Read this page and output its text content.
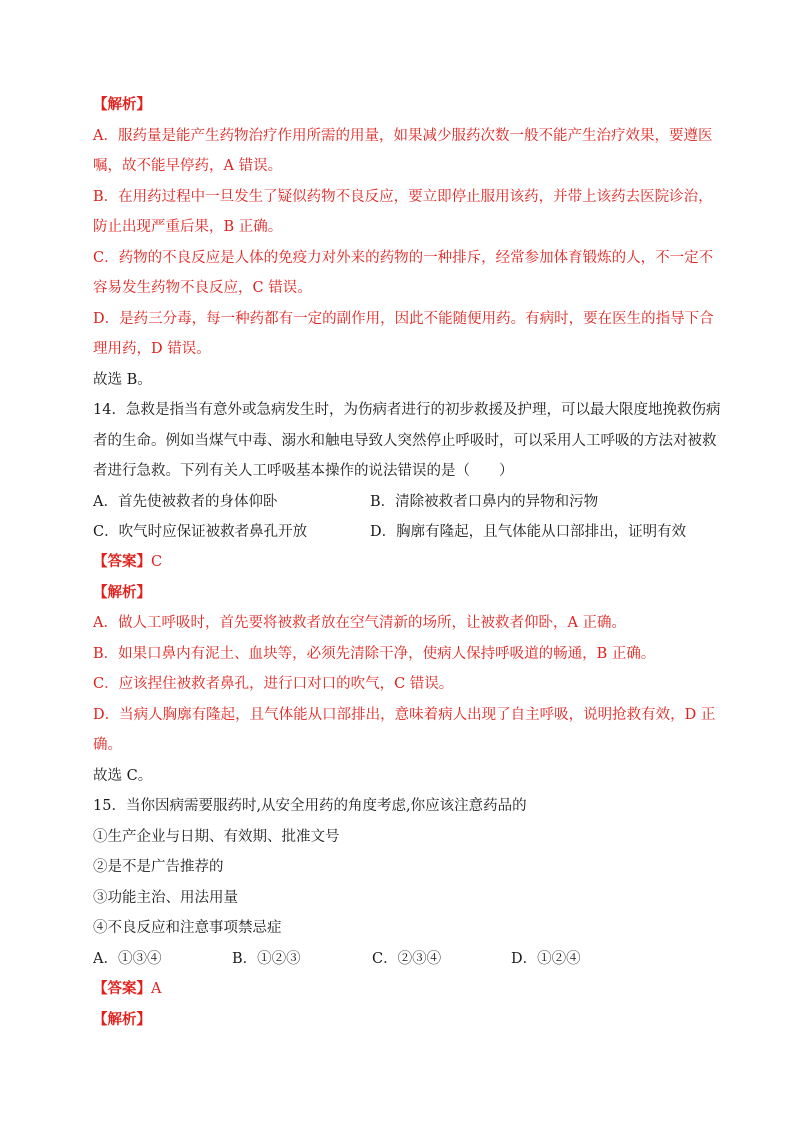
【解析】
A．服药量是能产生药物治疗作用所需的用量，如果减少服药次数一般不能产生治疗效果，要遵医
嘱，故不能早停药，A 错误。
B．在用药过程中一旦发生了疑似药物不良反应，要立即停止服用该药，并带上该药去医院诊治，
防止出现严重后果，B 正确。
C．药物的不良反应是人体的免疫力对外来的药物的一种排斥，经常参加体育锻炼的人，不一定不
容易发生药物不良反应，C 错误。
D．是药三分毒，每一种药都有一定的副作用，因此不能随便用药。有病时，要在医生的指导下合
理用药，D 错误。
故选 B。
14．急救是指当有意外或急病发生时，为伤病者进行的初步救援及护理，可以最大限度地挽救伤病
者的生命。例如当煤气中毒、溺水和触电导致人突然停止呼吸时，可以采用人工呼吸的方法对被救
者进行急救。下列有关人工呼吸基本操作的说法错误的是（　　）
A．首先使被救者的身体仰卧	B．清除被救者口鼻内的异物和污物
C．吹气时应保证被救者鼻孔开放	D．胸廓有隆起，且气体能从口部排出，证明有效
【答案】C
【解析】
A．做人工呼吸时，首先要将被救者放在空气清新的场所，让被救者仰卧，A 正确。
B．如果口鼻内有泥土、血块等，必须先清除干净，使病人保持呼吸道的畅通，B 正确。
C．应该捏住被救者鼻孔，进行口对口的吹气，C 错误。
D．当病人胸廓有隆起，且气体能从口部排出，意味着病人出现了自主呼吸，说明抢救有效，D 正
确。
故选 C。
15．当你因病需要服药时,从安全用药的角度考虑,你应该注意药品的
①生产企业与日期、有效期、批准文号
②是不是广告推荐的
③功能主治、用法用量
④不良反应和注意事项禁忌症
A．①③④	B．①②③	C．②③④	D．①②④
【答案】A
【解析】
